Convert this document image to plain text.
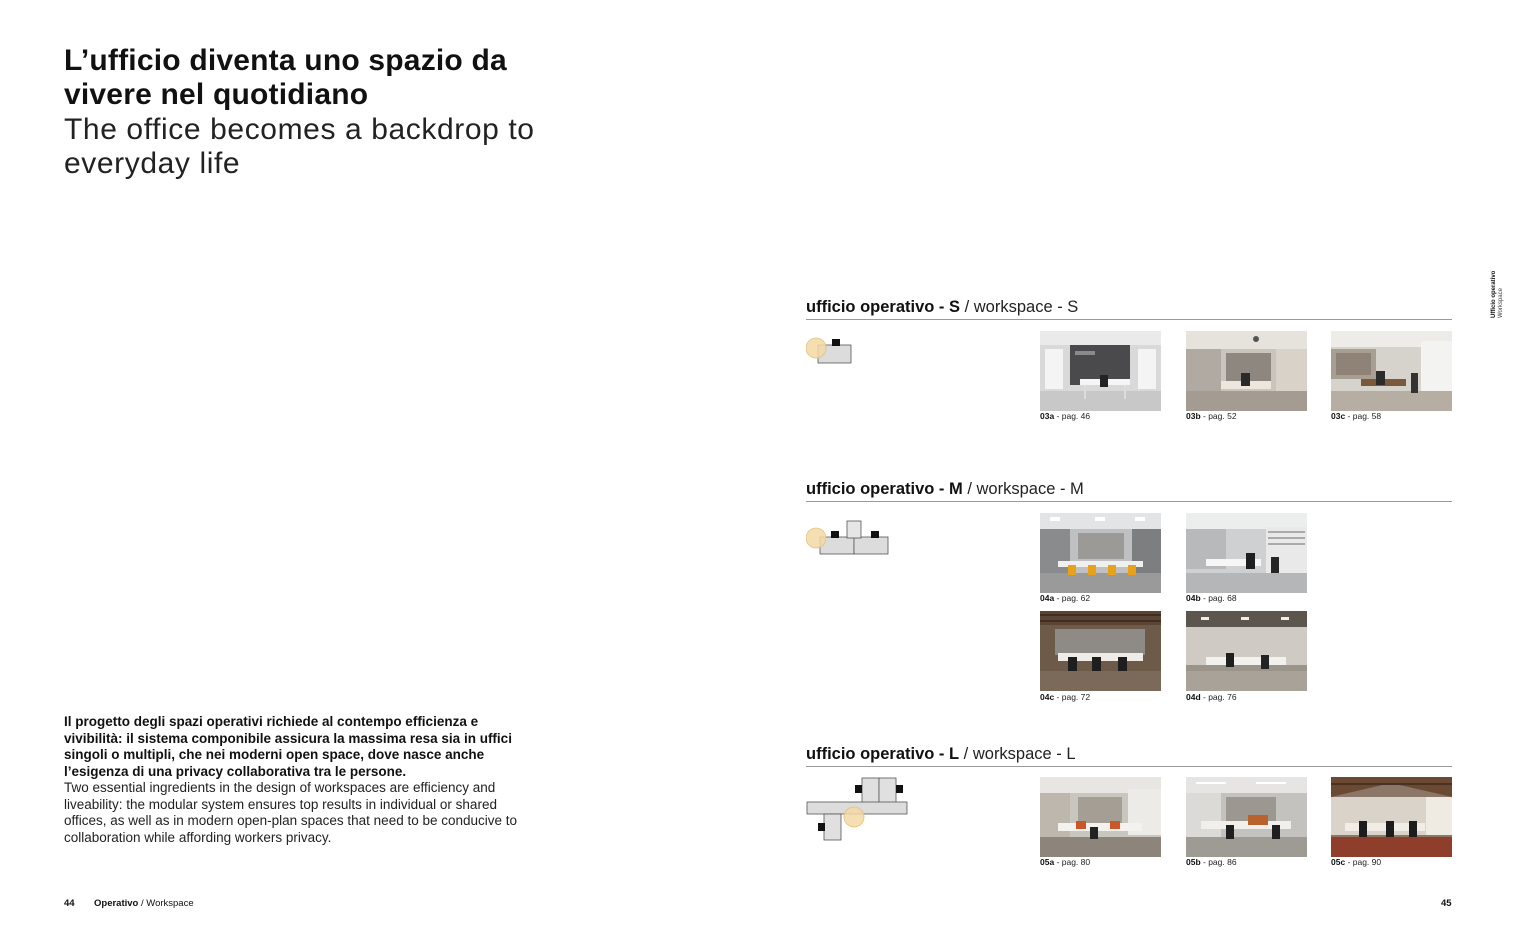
L’ufficio diventa uno spazio da vivere nel quotidiano
The office becomes a backdrop to everyday life

Il progetto degli spazi operativi richiede al contempo efficienza e vivibilità: il sistema componibile assicura la massima resa sia in uffici singoli o multipli, che nei moderni open space, dove nasce anche l’esigenza di una privacy collaborativa tra le persone.

Two essential ingredients in the design of workspaces are efficiency and liveability: the modular system ensures top results in individual or shared offices, as well as in modern open-plan spaces that need to be conducive to collaboration while affording workers privacy.

44 Operativo / Workspace	45
Ufficio operativo Workspace
ufficio operativo - S / workspace - S
03a - pag. 46	03b - pag. 52	03c - pag. 58
ufficio operativo - M / workspace - M
04a - pag. 62	04b - pag. 68
04c - pag. 72	04d - pag. 76
ufficio operativo - L / workspace - L
05a - pag. 80	05b - pag. 86	05c - pag. 90
